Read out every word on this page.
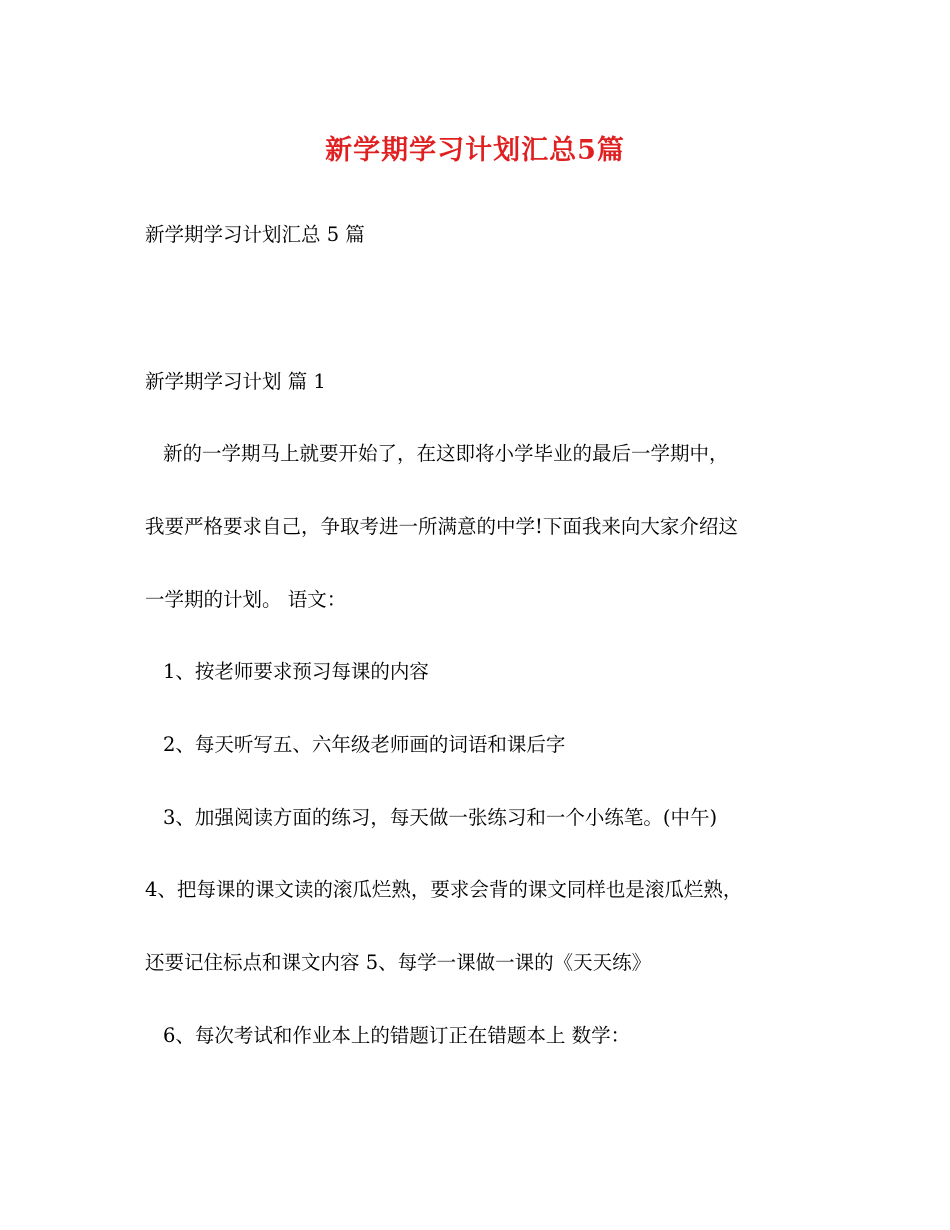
新学期学习计划汇总5篇
新学期学习计划汇总 5 篇
新学期学习计划 篇 1
新的一学期马上就要开始了，在这即将小学毕业的最后一学期中，
我要严格要求自己，争取考进一所满意的中学!下面我来向大家介绍这
一学期的计划。 语文：
1、按老师要求预习每课的内容
2、每天听写五、六年级老师画的词语和课后字
3、加强阅读方面的练习，每天做一张练习和一个小练笔。(中午)
4、把每课的课文读的滚瓜烂熟，要求会背的课文同样也是滚瓜烂熟，
还要记住标点和课文内容 5、每学一课做一课的《天天练》
6、每次考试和作业本上的错题订正在错题本上 数学：
